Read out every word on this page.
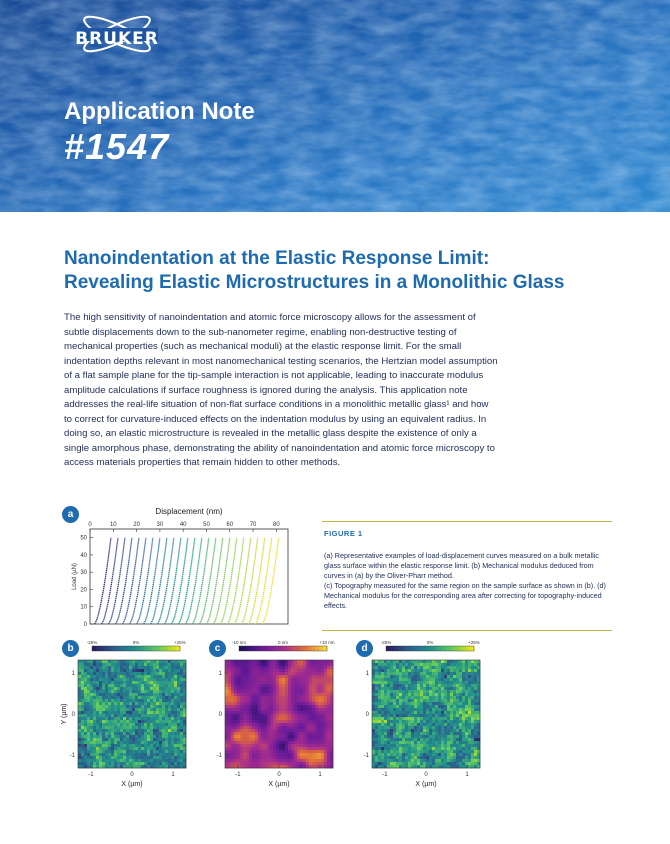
BRUKER
Application Note
#1547
Nanoindentation at the Elastic Response Limit:
Revealing Elastic Microstructures in a Monolithic Glass
The high sensitivity of nanoindentation and atomic force microscopy allows for the assessment of subtle displacements down to the sub-nanometer regime, enabling non-destructive testing of mechanical properties (such as mechanical moduli) at the elastic response limit. For the small indentation depths relevant in most nanomechanical testing scenarios, the Hertzian model assumption of a flat sample plane for the tip-sample interaction is not applicable, leading to inaccurate modulus amplitude calculations if surface roughness is ignored during the analysis. This application note addresses the real-life situation of non-flat surface conditions in a monolithic metallic glass¹ and how to correct for curvature-induced effects on the indentation modulus by using an equivalent radius. In doing so, an elastic microstructure is revealed in the metallic glass despite the existence of only a single amorphous phase, demonstrating the ability of nanoindentation and atomic force microscopy to access materials properties that remain hidden to other methods.
a
b	c	d
Displacement (nm)
0	10	20	30	40	50	60	70	80
0
10
20
30
40
50
Load (µN)
FIGURE 1
(a) Representative examples of load-displacement curves measured on a bulk metallic glass surface within the elastic response limit. (b) Mechanical modulus deduced from curves in (a) by the Oliver-Pharr method.
(c) Topography measured for the same region on the sample surface as shown in (b). (d) Mechanical modulus for the corresponding area after correcting for topography-induced effects.
-25%	0%	+25%
-1
-1
0
0
1
1
X (µm)
Y (µm)
-10 nm	0 nm	+10 nm
-1
-1
0
0
1
1
X (µm)
-25%	0%	+25%
-1
-1
0
0
1
1
X (µm)
